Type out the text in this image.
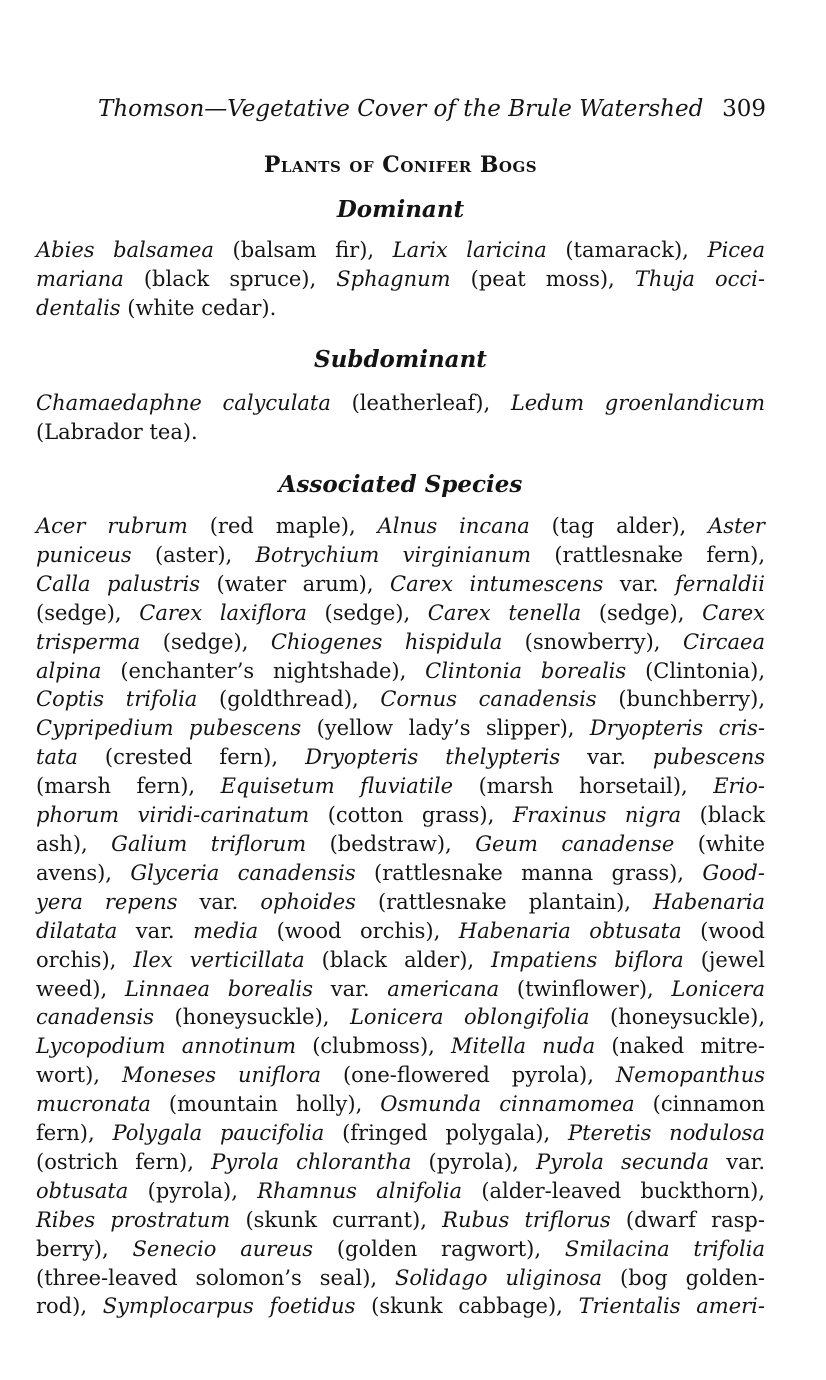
Thomson—Vegetative Cover of the Brule Watershed 309
Plants of Conifer Bogs
Dominant
Abies balsamea (balsam fir), Larix laricina (tamarack), Picea
mariana (black spruce), Sphagnum (peat moss), Thuja occi-
dentalis (white cedar).
Subdominant
Chamaedaphne calyculata (leatherleaf), Ledum groenlandicum
(Labrador tea).
Associated Species
Acer rubrum (red maple), Alnus incana (tag alder), Aster
puniceus (aster), Botrychium virginianum (rattlesnake fern),
Calla palustris (water arum), Carex intumescens var. fernaldii
(sedge), Carex laxiflora (sedge), Carex tenella (sedge), Carex
trisperma (sedge), Chiogenes hispidula (snowberry), Circaea
alpina (enchanter’s nightshade), Clintonia borealis (Clintonia),
Coptis trifolia (goldthread), Cornus canadensis (bunchberry),
Cypripedium pubescens (yellow lady’s slipper), Dryopteris cris-
tata (crested fern), Dryopteris thelypteris var. pubescens
(marsh fern), Equisetum fluviatile (marsh horsetail), Erio-
phorum viridi-carinatum (cotton grass), Fraxinus nigra (black
ash), Galium triflorum (bedstraw), Geum canadense (white
avens), Glyceria canadensis (rattlesnake manna grass), Good-
yera repens var. ophoides (rattlesnake plantain), Habenaria
dilatata var. media (wood orchis), Habenaria obtusata (wood
orchis), Ilex verticillata (black alder), Impatiens biflora (jewel
weed), Linnaea borealis var. americana (twinflower), Lonicera
canadensis (honeysuckle), Lonicera oblongifolia (honeysuckle),
Lycopodium annotinum (clubmoss), Mitella nuda (naked mitre-
wort), Moneses uniflora (one-flowered pyrola), Nemopanthus
mucronata (mountain holly), Osmunda cinnamomea (cinnamon
fern), Polygala paucifolia (fringed polygala), Pteretis nodulosa
(ostrich fern), Pyrola chlorantha (pyrola), Pyrola secunda var.
obtusata (pyrola), Rhamnus alnifolia (alder-leaved buckthorn),
Ribes prostratum (skunk currant), Rubus triflorus (dwarf rasp-
berry), Senecio aureus (golden ragwort), Smilacina trifolia
(three-leaved solomon’s seal), Solidago uliginosa (bog golden-
rod), Symplocarpus foetidus (skunk cabbage), Trientalis ameri-
